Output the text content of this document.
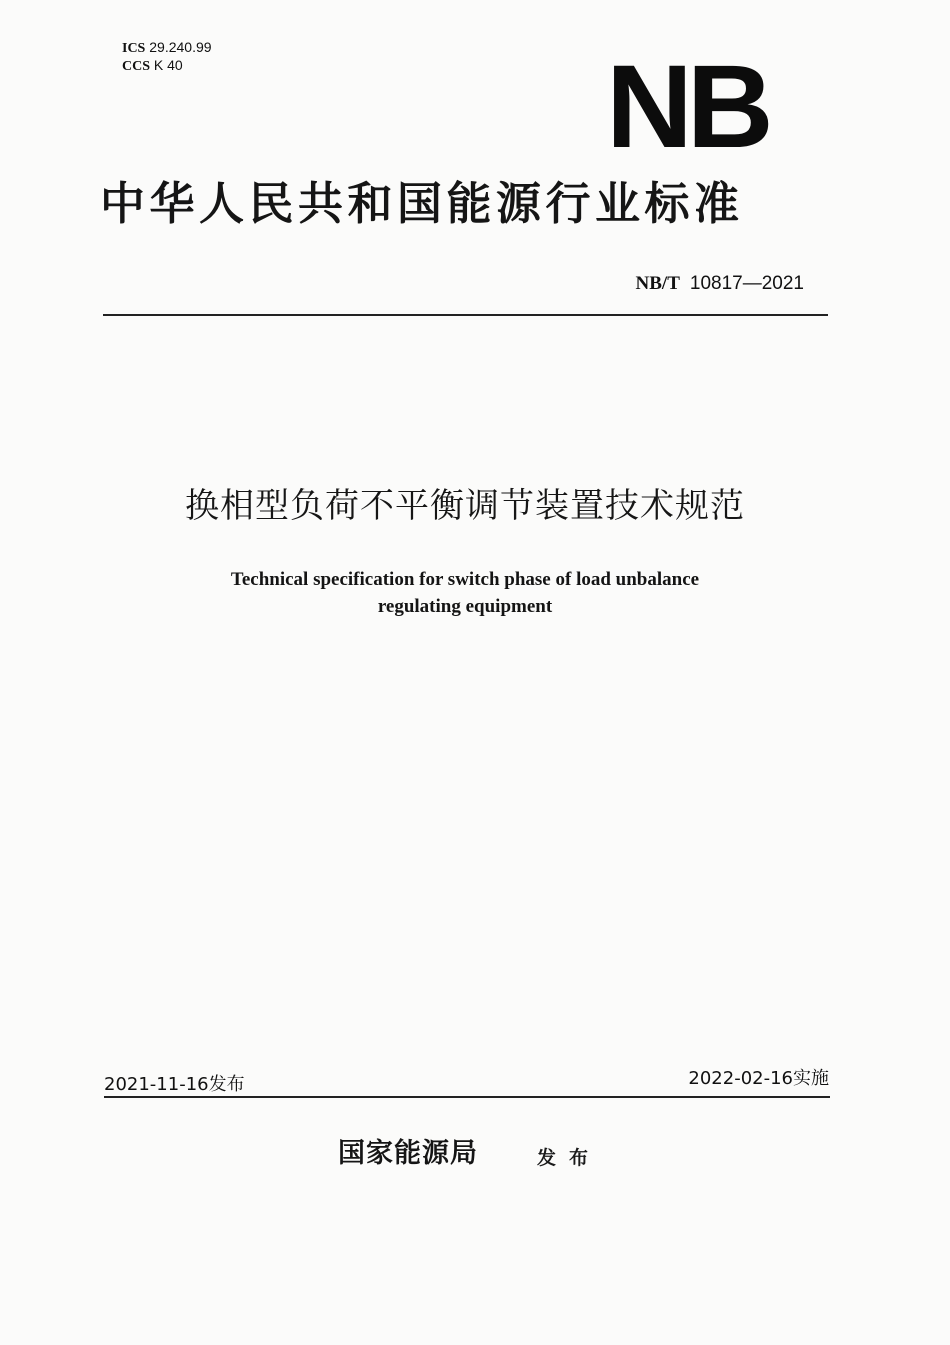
ICS 29.240.99
CCS K 40	NB
中华人民共和国能源行业标准
NB/T 10817—2021
换相型负荷不平衡调节装置技术规范
Technical specification for switch phase of load unbalance
regulating equipment
2021-11-16发布	2022-02-16实施
国家能源局	发布
